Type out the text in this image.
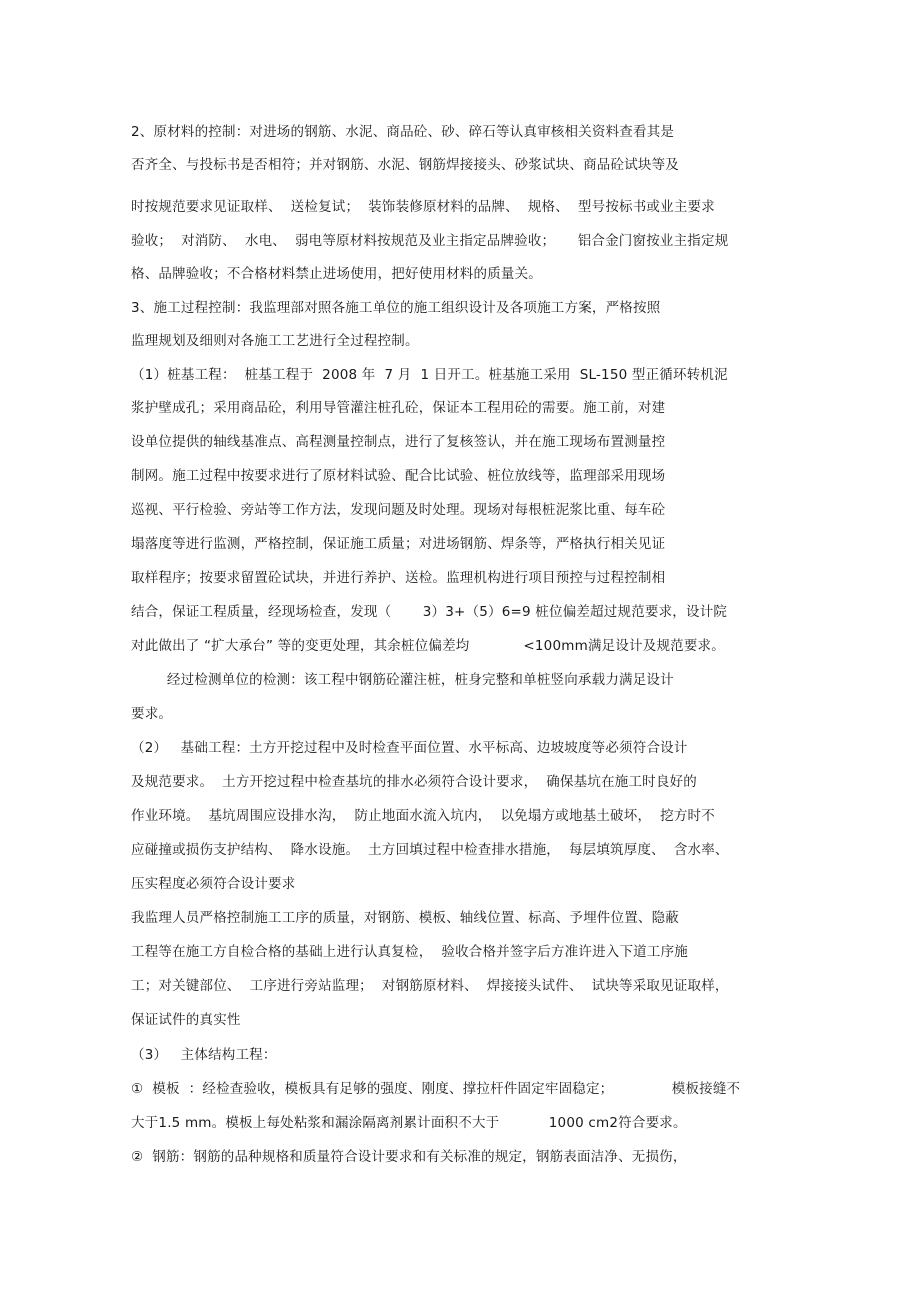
2、原材料的控制：对进场的钢筋、水泥、商品砼、砂、碎石等认真审核相关资料查看其是
否齐全、与投标书是否相符；并对钢筋、水泥、钢筋焊接接头、砂浆试块、商品砼试块等及
时按规范要求见证取样、  送检复试；  装饰装修原材料的品牌、  规格、  型号按标书或业主要求
验收；  对消防、  水电、  弱电等原材料按规范及业主指定品牌验收；     铝合金门窗按业主指定规
格、品牌验收；不合格材料禁止进场使用，把好使用材料的质量关。
3、施工过程控制：我监理部对照各施工单位的施工组织设计及各项施工方案，严格按照
监理规划及细则对各施工工艺进行全过程控制。
（1）桩基工程：  桩基工程于  2008 年  7 月  1 日开工。桩基施工采用  SL-150 型正循环转机泥
浆护壁成孔；采用商品砼，利用导管灌注桩孔砼，保证本工程用砼的需要。施工前，对建
设单位提供的轴线基准点、高程测量控制点，进行了复核签认，并在施工现场布置测量控
制网。施工过程中按要求进行了原材料试验、配合比试验、桩位放线等，监理部采用现场
巡视、平行检验、旁站等工作方法，发现问题及时处理。现场对每根桩泥浆比重、每车砼
塌落度等进行监测，严格控制，保证施工质量；对进场钢筋、焊条等，严格执行相关见证
取样程序；按要求留置砼试块，并进行养护、送检。监理机构进行项目预控与过程控制相
结合，保证工程质量，经现场检查，发现（       3）3+（5）6=9 桩位偏差超过规范要求，设计院
对此做出了 “扩大承台” 等的变更处理，其余桩位偏差均            <100mm满足设计及规范要求。
经过检测单位的检测：该工程中钢筋砼灌注桩，桩身完整和单桩竖向承载力满足设计
要求。
（2）   基础工程：土方开挖过程中及时检查平面位置、水平标高、边坡坡度等必须符合设计
及规范要求。  土方开挖过程中检查基坑的排水必须符合设计要求，  确保基坑在施工时良好的
作业环境。  基坑周围应设排水沟，  防止地面水流入坑内，  以免塌方或地基土破坏，  挖方时不
应碰撞或损伤支护结构、  降水设施。  土方回填过程中检查排水措施，  每层填筑厚度、  含水率、
压实程度必须符合设计要求
我监理人员严格控制施工工序的质量，对钢筋、模板、轴线位置、标高、予埋件位置、隐蔽
工程等在施工方自检合格的基础上进行认真复检，  验收合格并签字后方准许进入下道工序施
工；对关键部位、  工序进行旁站监理；  对钢筋原材料、  焊接接头试件、  试块等采取见证取样，
保证试件的真实性
（3）   主体结构工程：
①  模板  ：经检查验收，模板具有足够的强度、刚度、撑拉杆件固定牢固稳定；             模板接缝不
大于1.5 mm。模板上每处粘浆和漏涂隔离剂累计面积不大于           1000 cm2符合要求。
②  钢筋：钢筋的品种规格和质量符合设计要求和有关标准的规定，钢筋表面洁净、无损伤，
